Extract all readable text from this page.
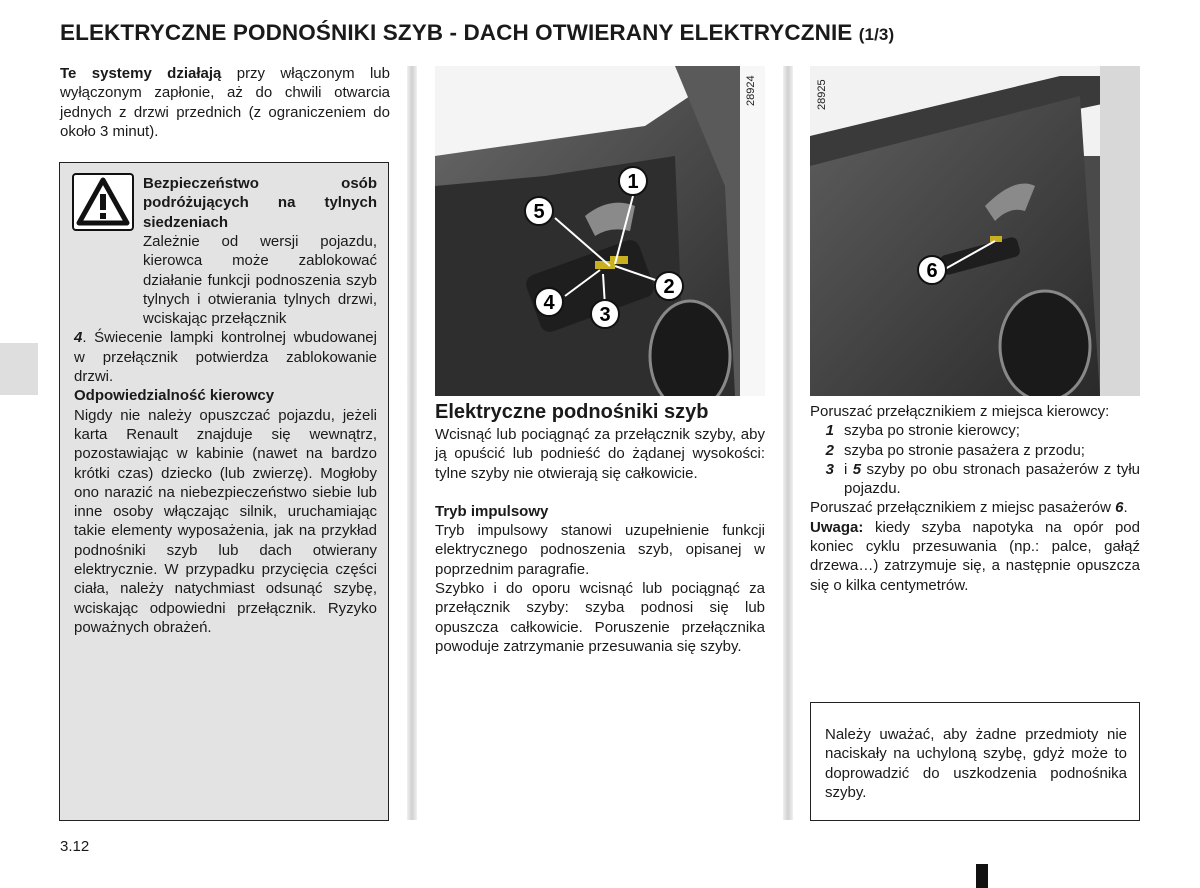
ELEKTRYCZNE PODNOŚNIKI SZYB - DACH OTWIERANY ELEKTRYCZNIE (1/3)
Te systemy działają przy włączonym lub wyłączonym zapłonie, aż do chwili otwarcia jednych z drzwi przednich (z ograniczeniem do około 3 minut).
Bezpieczeństwo osób podróżujących na tylnych siedzeniach
Zależnie od wersji pojazdu, kierowca może zablokować działanie funkcji podnoszenia szyb tylnych i otwierania tylnych drzwi, wciskając przełącznik
4. Świecenie lampki kontrolnej wbudowanej w przełącznik potwierdza zablokowanie drzwi.
Odpowiedzialność kierowcy
Nigdy nie należy opuszczać pojazdu, jeżeli karta Renault znajduje się wewnątrz, pozostawiając w kabinie (nawet na bardzo krótki czas) dziecko (lub zwierzę). Mogłoby ono narazić na niebezpieczeństwo siebie lub inne osoby włączając silnik, uruchamiając takie elementy wyposażenia, jak na przykład podnośniki szyb lub dach otwierany elektrycznie. W przypadku przycięcia części ciała, należy natychmiast odsunąć szybę, wciskając odpowiedni przełącznik. Ryzyko poważnych obrażeń.
1
2
3
4
5
28924
6
28925
Elektryczne podnośniki szyb
Wcisnąć lub pociągnąć za przełącznik szyby, aby ją opuścić lub podnieść do żądanej wysokości: tylne szyby nie otwierają się całkowicie.
Tryb impulsowy
Tryb impulsowy stanowi uzupełnienie funkcji elektrycznego podnoszenia szyb, opisanej w poprzednim paragrafie.
Szybko i do oporu wcisnąć lub pociągnąć za przełącznik szyby: szyba podnosi się lub opuszcza całkowicie. Poruszenie przełącznika powoduje zatrzymanie przesuwania się szyby.
Poruszać przełącznikiem z miejsca kierowcy:
1 szyba po stronie kierowcy;
2 szyba po stronie pasażera z przodu;
3 i 5 szyby po obu stronach pasażerów z tyłu pojazdu.
Poruszać przełącznikiem z miejsc pasażerów 6.
Uwaga: kiedy szyba napotyka na opór pod koniec cyklu przesuwania (np.: palce, gałąź drzewa…) zatrzymuje się, a następnie opuszcza się o kilka centymetrów.
Należy uważać, aby żadne przedmioty nie naciskały na uchyloną szybę, gdyż może to doprowadzić do uszkodzenia podnośnika szyby.
3.12
